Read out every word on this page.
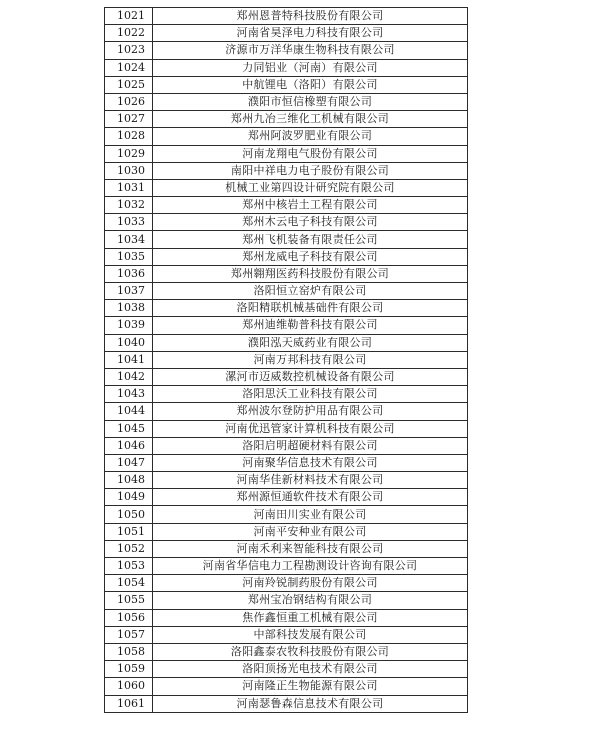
1021	郑州恩普特科技股份有限公司
1022	河南省昊泽电力科技有限公司
1023	济源市万洋华康生物科技有限公司
1024	力同铝业（河南）有限公司
1025	中航锂电（洛阳）有限公司
1026	濮阳市恒信橡塑有限公司
1027	郑州九冶三维化工机械有限公司
1028	郑州阿波罗肥业有限公司
1029	河南龙翔电气股份有限公司
1030	南阳中祥电力电子股份有限公司
1031	机械工业第四设计研究院有限公司
1032	郑州中核岩土工程有限公司
1033	郑州木云电子科技有限公司
1034	郑州飞机装备有限责任公司
1035	郑州龙威电子科技有限公司
1036	郑州翱翔医药科技股份有限公司
1037	洛阳恒立窑炉有限公司
1038	洛阳精联机械基础件有限公司
1039	郑州迪维勒普科技有限公司
1040	濮阳泓天威药业有限公司
1041	河南万邦科技有限公司
1042	漯河市迈威数控机械设备有限公司
1043	洛阳思沃工业科技有限公司
1044	郑州波尔登防护用品有限公司
1045	河南优迅管家计算机科技有限公司
1046	洛阳启明超硬材料有限公司
1047	河南聚华信息技术有限公司
1048	河南华佳新材料技术有限公司
1049	郑州源恒通软件技术有限公司
1050	河南田川实业有限公司
1051	河南平安种业有限公司
1052	河南禾利来智能科技有限公司
1053	河南省华信电力工程勘测设计咨询有限公司
1054	河南羚锐制药股份有限公司
1055	郑州宝冶钢结构有限公司
1056	焦作鑫恒重工机械有限公司
1057	中部科技发展有限公司
1058	洛阳鑫泰农牧科技股份有限公司
1059	洛阳顶扬光电技术有限公司
1060	河南隆正生物能源有限公司
1061	河南瑟鲁森信息技术有限公司
